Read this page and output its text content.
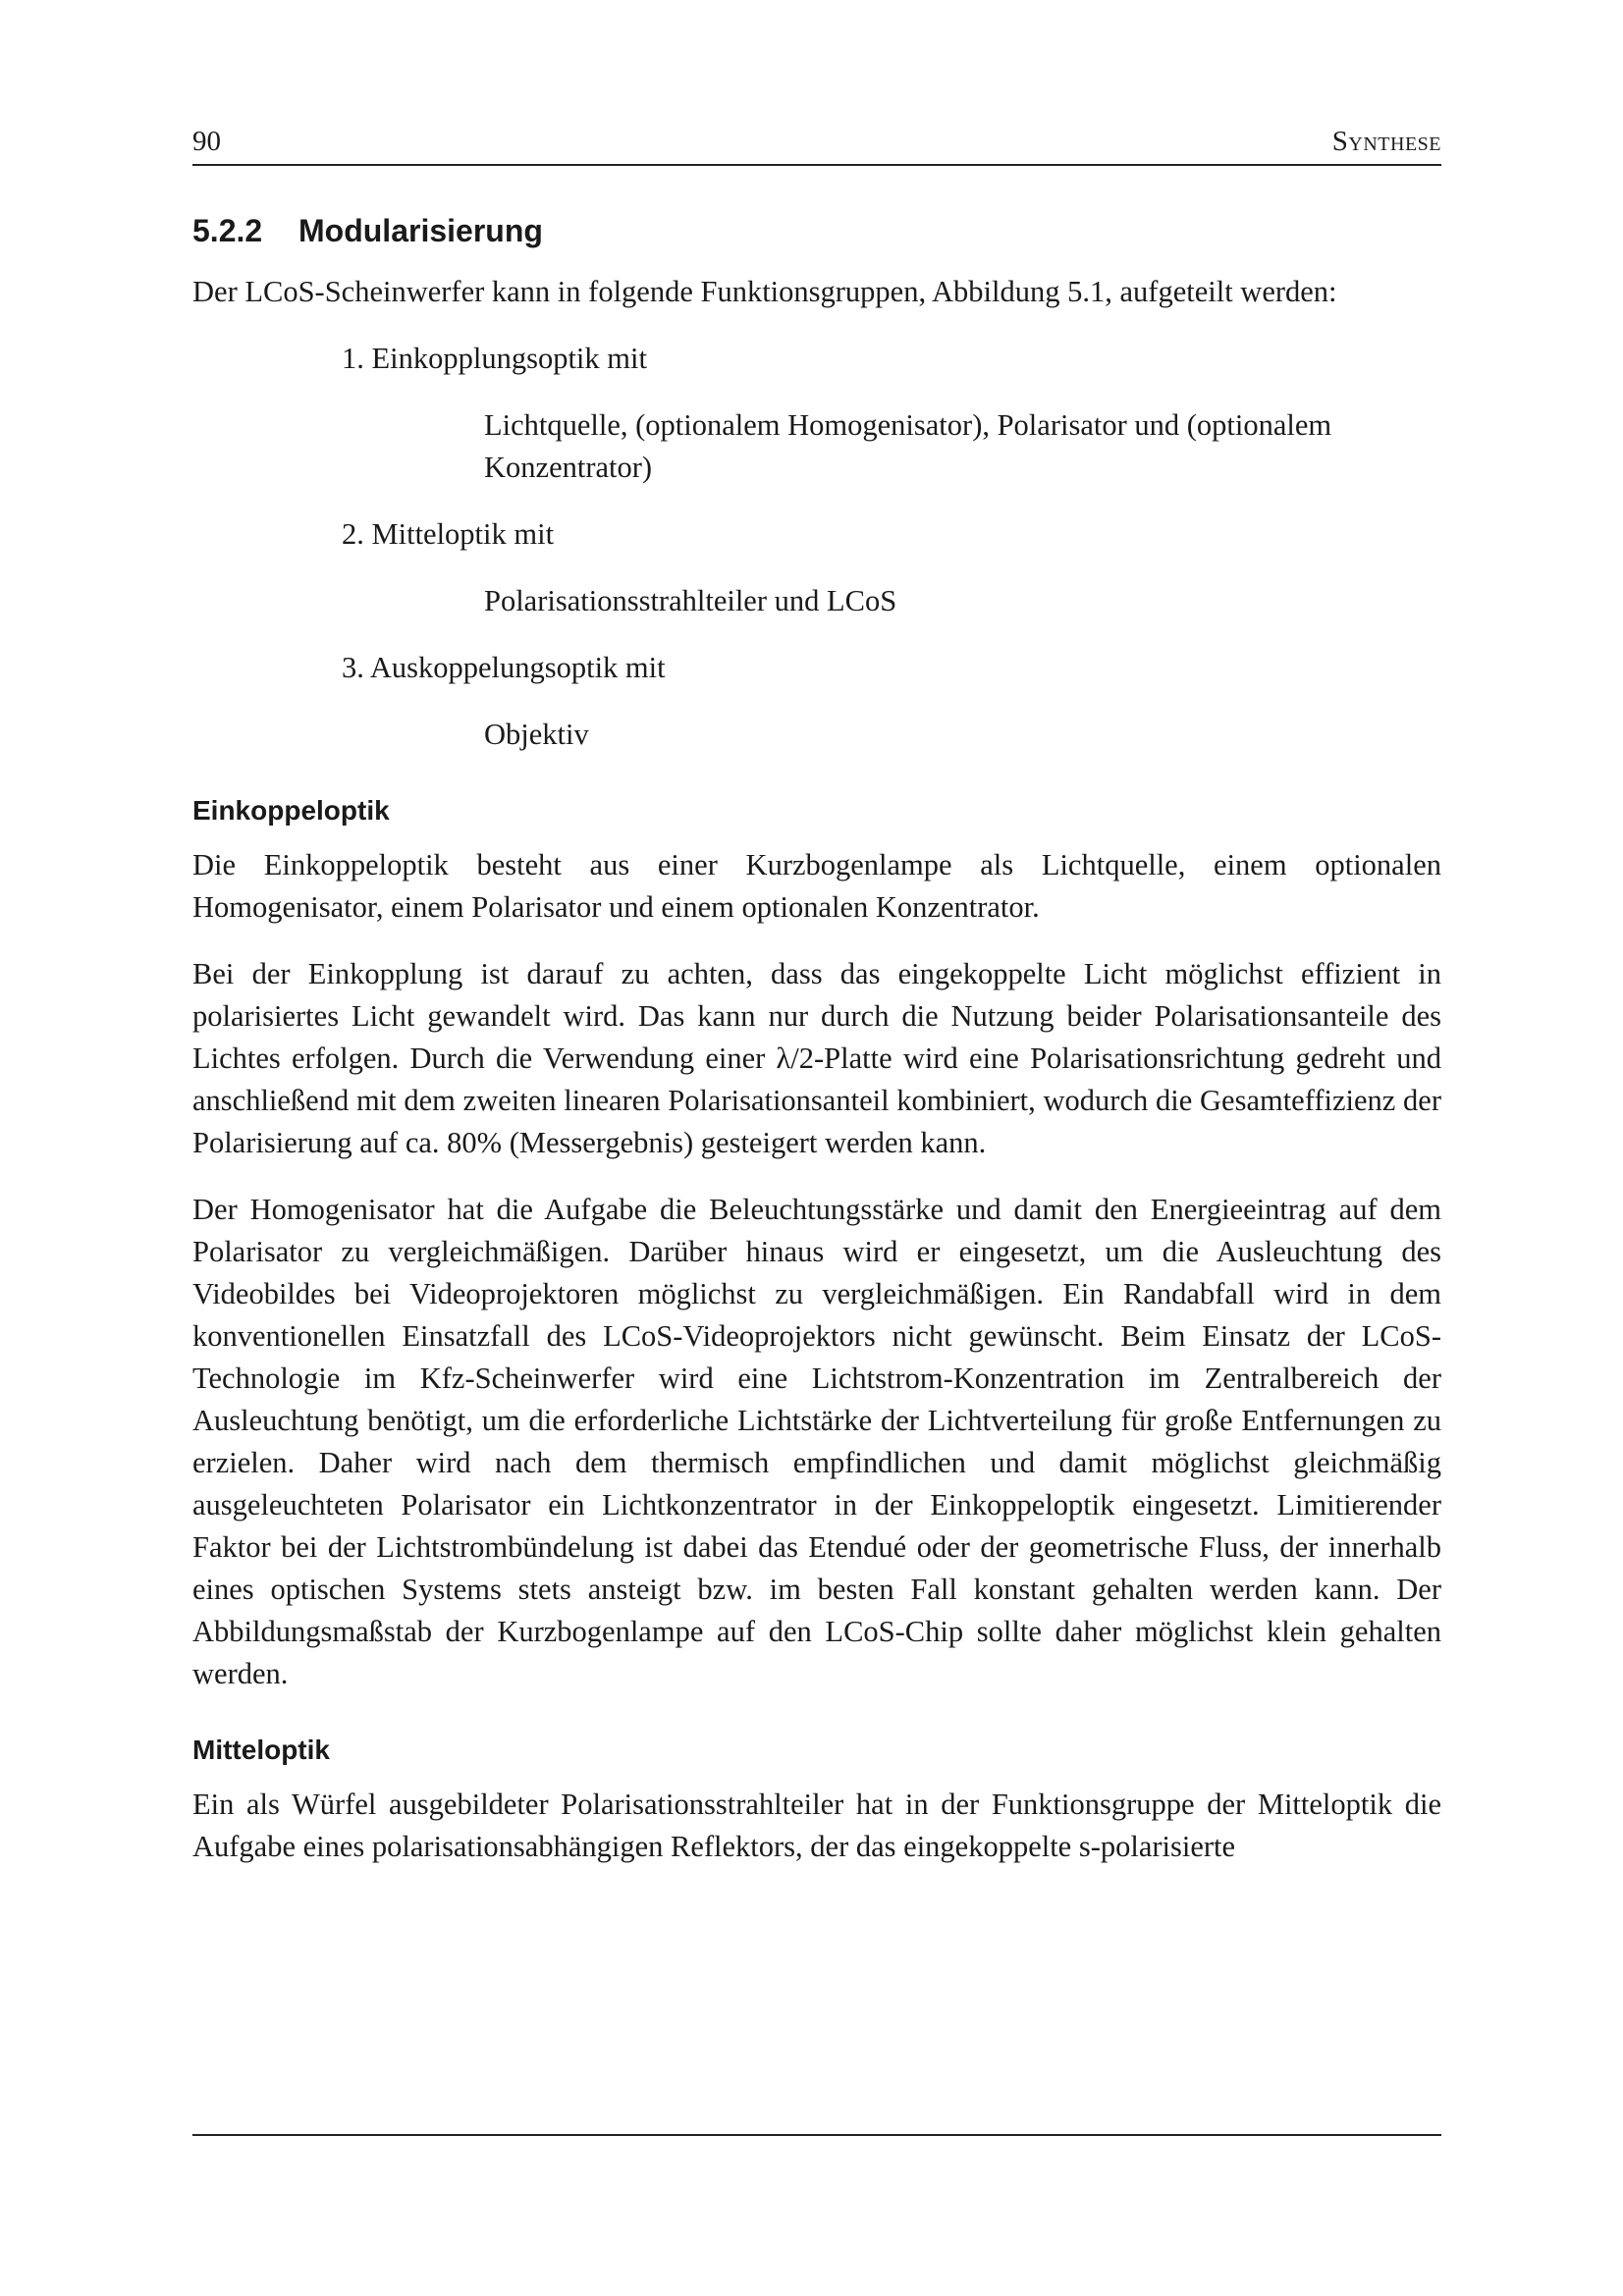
90	Synthese
5.2.2 Modularisierung

Der LCoS-Scheinwerfer kann in folgende Funktionsgruppen, Abbildung 5.1, aufgeteilt werden:

1. Einkopplungsoptik mit
Lichtquelle, (optionalem Homogenisator), Polarisator und (optionalem Konzentrator)
2. Mitteloptik mit
Polarisationsstrahlteiler und LCoS
3. Auskoppelungsoptik mit
Objektiv
Einkoppeloptik

Die Einkoppeloptik besteht aus einer Kurzbogenlampe als Lichtquelle, einem optionalen Homogenisator, einem Polarisator und einem optionalen Konzentrator.

Bei der Einkopplung ist darauf zu achten, dass das eingekoppelte Licht möglichst effizient in polarisiertes Licht gewandelt wird. Das kann nur durch die Nutzung beider Polarisationsanteile des Lichtes erfolgen. Durch die Verwendung einer λ/2-Platte wird eine Polarisationsrichtung gedreht und anschließend mit dem zweiten linearen Polarisationsanteil kombiniert, wodurch die Gesamteffizienz der Polarisierung auf ca. 80% (Messergebnis) gesteigert werden kann.

Der Homogenisator hat die Aufgabe die Beleuchtungsstärke und damit den Energieeintrag auf dem Polarisator zu vergleichmäßigen. Darüber hinaus wird er eingesetzt, um die Ausleuchtung des Videobildes bei Videoprojektoren möglichst zu vergleichmäßigen. Ein Randabfall wird in dem konventionellen Einsatzfall des LCoS-Videoprojektors nicht gewünscht. Beim Einsatz der LCoS-Technologie im Kfz-Scheinwerfer wird eine Lichtstrom-Konzentration im Zentralbereich der Ausleuchtung benötigt, um die erforderliche Lichtstärke der Lichtverteilung für große Entfernungen zu erzielen. Daher wird nach dem thermisch empfindlichen und damit möglichst gleichmäßig ausgeleuchteten Polarisator ein Lichtkonzentrator in der Einkoppeloptik eingesetzt. Limitierender Faktor bei der Lichtstrombündelung ist dabei das Etendué oder der geometrische Fluss, der innerhalb eines optischen Systems stets ansteigt bzw. im besten Fall konstant gehalten werden kann. Der Abbildungsmaßstab der Kurzbogenlampe auf den LCoS-Chip sollte daher möglichst klein gehalten werden.

Mitteloptik

Ein als Würfel ausgebildeter Polarisationsstrahlteiler hat in der Funktionsgruppe der Mitteloptik die Aufgabe eines polarisationsabhängigen Reflektors, der das eingekoppelte s-polarisierte
